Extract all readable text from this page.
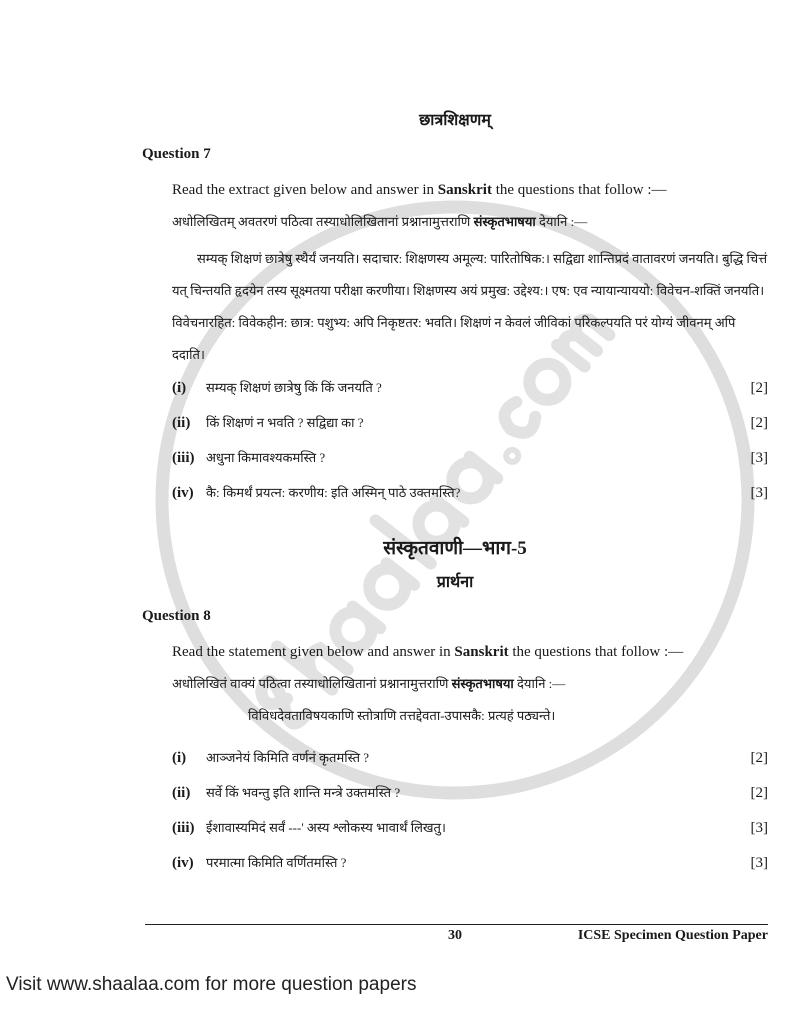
छात्रशिक्षणम्
Question 7
Read the extract given below and answer in Sanskrit the questions that follow :—
अधोलिखितम् अवतरणं पठित्वा तस्याधोलिखितानां प्रश्नानामुत्तराणि संस्कृतभाषया देयानि :—
सम्यक् शिक्षणं छात्रेषु स्थैर्यं जनयति। सदाचार: शिक्षणस्य अमूल्य: पारितोषिक:। सद्विद्या शान्तिप्रदं वातावरणं जनयति। बुद्धि चित्तं यत् चिन्तयति हृदयेन तस्य सूक्ष्मतया परीक्षा करणीया। शिक्षणस्य अयं प्रमुख: उद्देश्य:। एष: एव न्यायान्याययो: विवेचन-शक्तिं जनयति। विवेचनारहित: विवेकहीन: छात्र: पशुभ्य: अपि निकृष्टतर: भवति। शिक्षणं न केवलं जीविकां परिकल्पयति परं योग्यं जीवनम् अपि ददाति।
(i)	सम्यक् शिक्षणं छात्रेषु किं किं जनयति ?	[2]
(ii)	किं शिक्षणं न भवति ? सद्विद्या का ?	[2]
(iii) अधुना किमावश्यकमस्ति ?	[3]
(iv) कै: किमर्थं प्रयत्न: करणीय: इति अस्मिन् पाठे उक्तमस्ति?	[3]
संस्कृतवाणी—भाग-5
प्रार्थना
Question 8
Read the statement given below and answer in Sanskrit the questions that follow :—
अधोलिखितं वाक्यं पठित्वा तस्याधोलिखितानां प्रश्नानामुत्तराणि संस्कृतभाषया देयानि :—
विविधदेवताविषयकाणि स्तोत्राणि तत्तद्देवता-उपासकै: प्रत्यहं पठ्यन्ते।
(i)	आञ्जनेयं किमिति वर्णनं कृतमस्ति ?	[2]
(ii)	सर्वे किं भवन्तु इति शान्ति मन्त्रे उक्तमस्ति ?	[2]
(iii) ईशावास्यमिदं सर्वं ---' अस्य श्लोकस्य भावार्थं लिखतु।	[3]
(iv) परमात्मा किमिति वर्णितमस्ति ?	[3]
30	ICSE Specimen Question Paper
Visit www.shaalaa.com for more question papers
